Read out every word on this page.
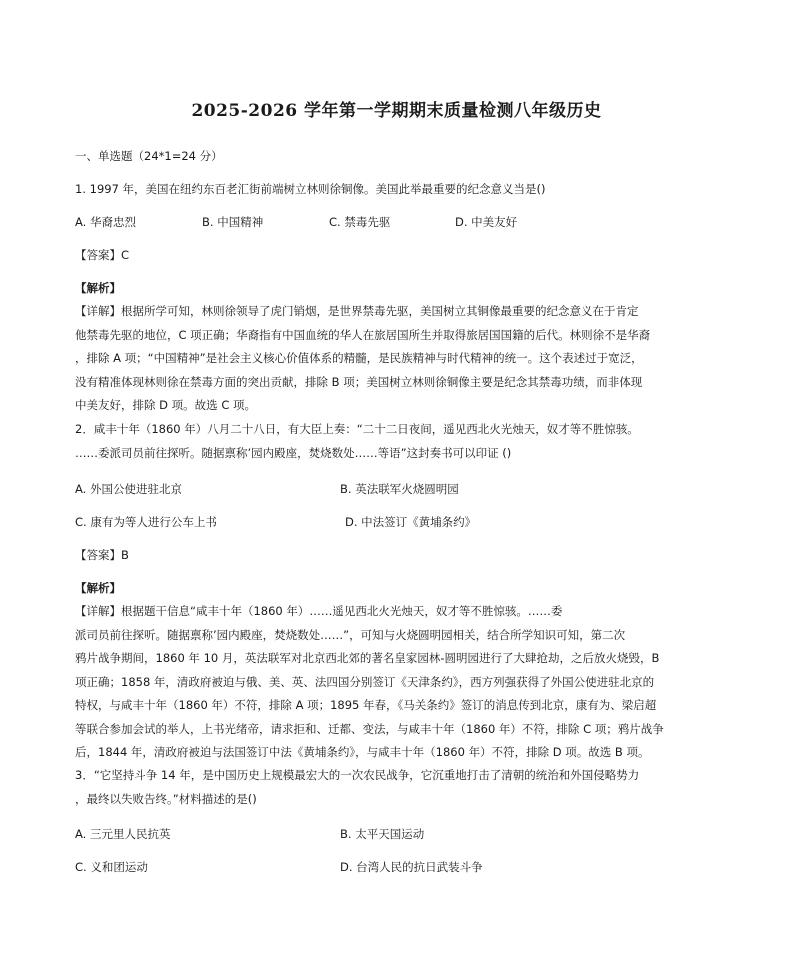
2025-2026 学年第一学期期末质量检测八年级历史
一、单选题（24*1=24 分）
1. 1997 年，美国在纽约东百老汇街前端树立林则徐铜像。美国此举最重要的纪念意义当是()
A. 华裔忠烈	B. 中国精神	C. 禁毒先驱	D. 中美友好
【答案】C
【解析】
【详解】根据所学可知，林则徐领导了虎门销烟，是世界禁毒先驱，美国树立其铜像最重要的纪念意义在于肯定
他禁毒先驱的地位，C 项正确；华裔指有中国血统的华人在旅居国所生并取得旅居国国籍的后代。林则徐不是华裔
，排除 A 项；“中国精神”是社会主义核心价值体系的精髓，是民族精神与时代精神的统一。这个表述过于宽泛，
没有精准体现林则徐在禁毒方面的突出贡献，排除 B 项；美国树立林则徐铜像主要是纪念其禁毒功绩，而非体现
中美友好，排除 D 项。故选 C 项。
2．咸丰十年（1860 年）八月二十八日，有大臣上奏：“二十二日夜间，遥见西北火光烛天，奴才等不胜惊骇。
……委派司员前往探听。随据禀称’园内殿座，焚烧数处……等语”这封奏书可以印证 ()
A. 外国公使进驻北京	B. 英法联军火烧圆明园
C. 康有为等人进行公车上书	D. 中法签订《黄埔条约》
【答案】B
【解析】
【详解】根据题干信息“咸丰十年（1860 年）……遥见西北火光烛天，奴才等不胜惊骇。……委
派司员前往探听。随据禀称’园内殿座，焚烧数处……”，可知与火烧圆明园相关，结合所学知识可知，第二次
鸦片战争期间，1860 年 10 月，英法联军对北京西北郊的著名皇家园林-圆明园进行了大肆抢劫，之后放火烧毁，B
项正确；1858 年，清政府被迫与俄、美、英、法四国分别签订《天津条约》，西方列强获得了外国公使进驻北京的
特权，与咸丰十年（1860 年）不符，排除 A 项；1895 年春，《马关条约》签订的消息传到北京，康有为、梁启超
等联合参加会试的举人，上书光绪帝，请求拒和、迁都、变法，与咸丰十年（1860 年）不符，排除 C 项；鸦片战争
后，1844 年，清政府被迫与法国签订中法《黄埔条约》，与咸丰十年（1860 年）不符，排除 D 项。故选 B 项。
3．“它坚持斗争 14 年，是中国历史上规模最宏大的一次农民战争，它沉重地打击了清朝的统治和外国侵略势力
，最终以失败告终。”材料描述的是()
A. 三元里人民抗英	B. 太平天国运动
C. 义和团运动	D. 台湾人民的抗日武装斗争
